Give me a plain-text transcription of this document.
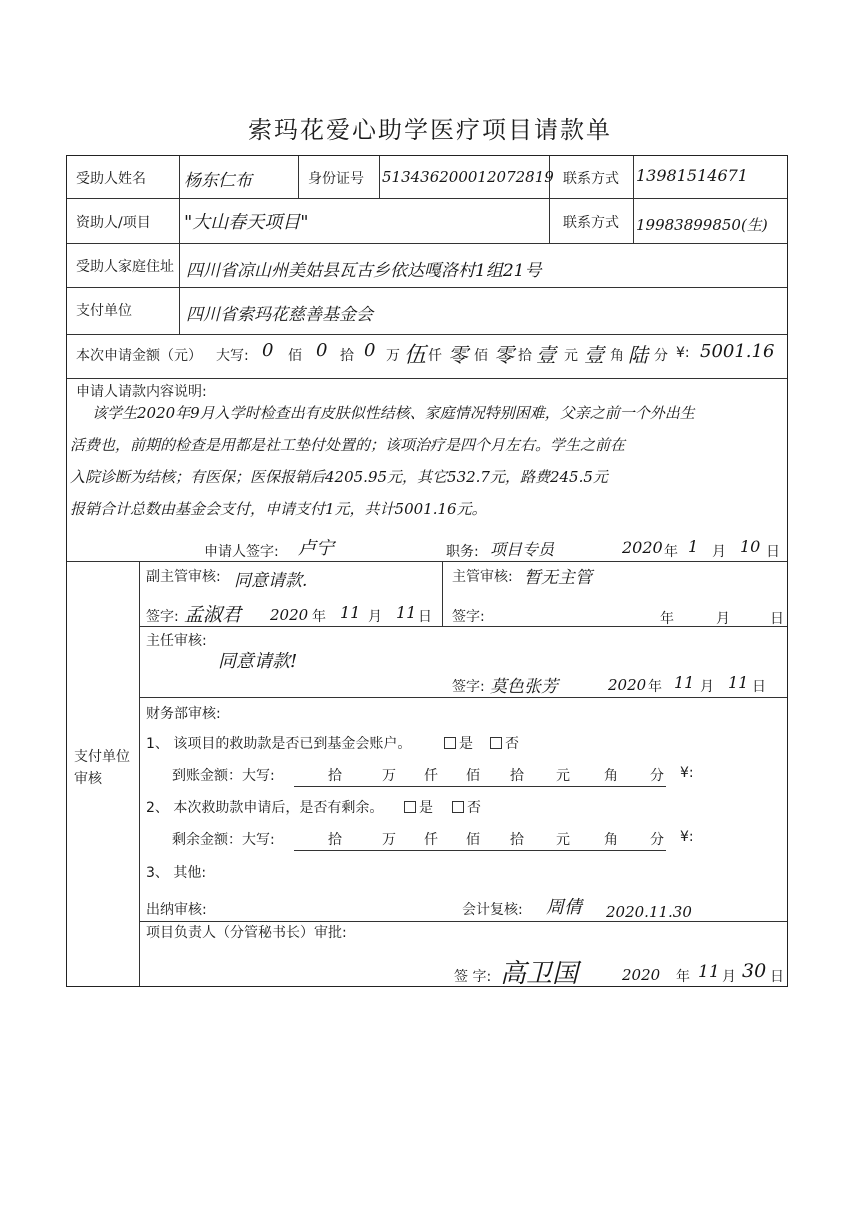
索玛花爱心助学医疗项目请款单
受助人姓名 杨东仁布	身份证号 513436200012072819 联系方式 13981514671
资助人/项目 "大山春天项目"	联系方式 19983899850(生)
受助人家庭住址 四川省凉山州美姑县瓦古乡依达嘎洛村1组21号
支付单位	四川省索玛花慈善基金会
本次申请金额（元） 大写: 0 佰 0 拾 0 万 伍 仟 零 佰 零 拾 壹 元 壹 角 陆 分 ¥: 5001.16
申请人请款内容说明:
该学生2020年9月入学时检查出有皮肤似性结核、家庭情况特别困难，父亲之前一个外出生
活费也，前期的检查是用都是社工垫付处置的；该项治疗是四个月左右。学生之前在
入院诊断为结核；有医保；医保报销后4205.95元，其它532.7元，路费245.5元
报销合计总数由基金会支付，申请支付1元，共计5001.16元。
申请人签字: 卢宁	职务: 项目专员	2020 年 1 月 10 日
支付单位审核
副主管审核: 同意请款.
签字: 孟淑君 2020 年 11 月 11 日
主管审核: 暂无主管
签字:	年	月	日
主任审核:
同意请款!
签字: 莫色张芳	2020 年 11 月 11 日
财务部审核:
1、 该项目的救助款是否已到基金会账户。	是	否
到账金额：大写:	拾	万 仟 佰 拾 元 角 分 ¥:
2、 本次救助款申请后，是否有剩余。	是	否
剩余金额：大写:	拾	万 仟 佰 拾 元 角 分 ¥:
3、 其他:
出纳审核:	会计复核: 周倩 2020.11.30
项目负责人（分管秘书长）审批:
签 字: 高卫国	2020 年 11 月 30 日
